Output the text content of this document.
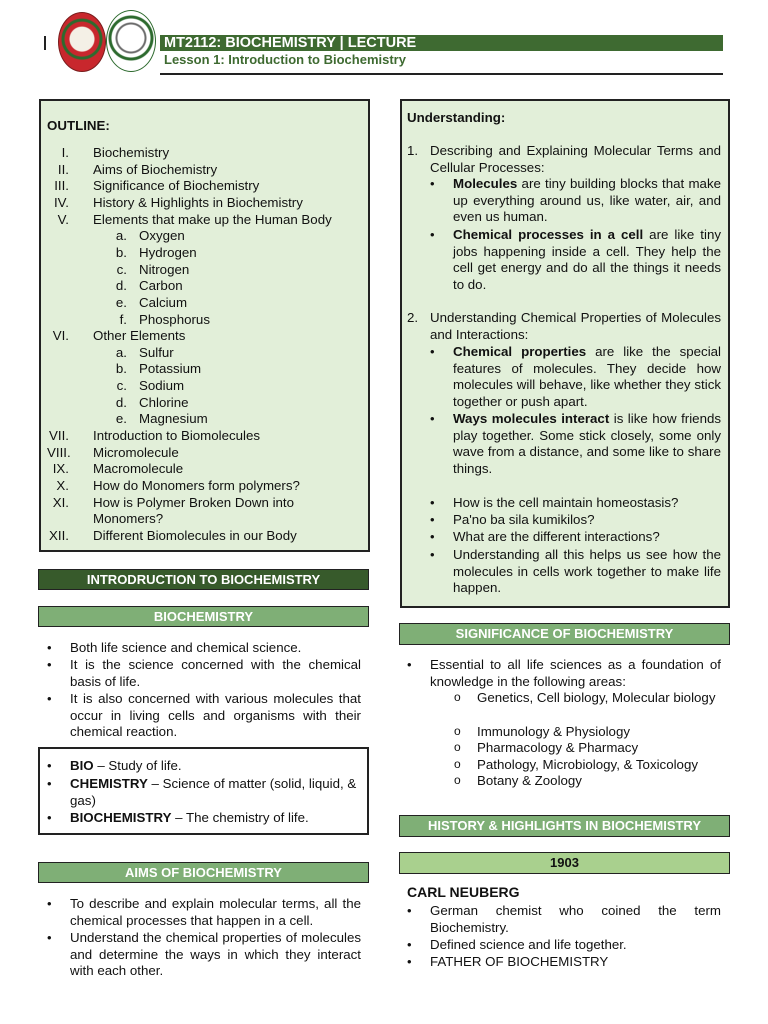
MT2112: BIOCHEMISTRY | LECTURE
Lesson 1: Introduction to Biochemistry
OUTLINE:
I. Biochemistry
II. Aims of Biochemistry
III. Significance of Biochemistry
IV. History & Highlights in Biochemistry
V. Elements that make up the Human Body
a. Oxygen
b. Hydrogen
c. Nitrogen
d. Carbon
e. Calcium
f. Phosphorus
VI. Other Elements
a. Sulfur
b. Potassium
c. Sodium
d. Chlorine
e. Magnesium
VII. Introduction to Biomolecules
VIII. Micromolecule
IX. Macromolecule
X. How do Monomers form polymers?
XI. How is Polymer Broken Down into
Monomers?
XII. Different Biomolecules in our Body
INTRODRUCTION TO BIOCHEMISTRY
BIOCHEMISTRY
• Both life science and chemical science.
• It is the science concerned with the chemical basis of life.
• It is also concerned with various molecules that occur in living cells and organisms with their chemical reaction.
• BIO – Study of life.
• CHEMISTRY – Science of matter (solid, liquid, & gas)
• BIOCHEMISTRY – The chemistry of life.
AIMS OF BIOCHEMISTRY
• To describe and explain molecular terms, all the chemical processes that happen in a cell.
• Understand the chemical properties of molecules and determine the ways in which they interact with each other.
Understanding:
1. Describing and Explaining Molecular Terms and Cellular Processes:
• Molecules are tiny building blocks that make up everything around us, like water, air, and even us human.
• Chemical processes in a cell are like tiny jobs happening inside a cell. They help the cell get energy and do all the things it needs to do.
2. Understanding Chemical Properties of Molecules and Interactions:
• Chemical properties are like the special features of molecules. They decide how molecules will behave, like whether they stick together or push apart.
• Ways molecules interact is like how friends play together. Some stick closely, some only wave from a distance, and some like to share things.
• How is the cell maintain homeostasis?
• Pa'no ba sila kumikilos?
• What are the different interactions?
• Understanding all this helps us see how the molecules in cells work together to make life happen.
SIGNIFICANCE OF BIOCHEMISTRY
• Essential to all life sciences as a foundation of knowledge in the following areas:
o Genetics, Cell biology, Molecular biology
o Immunology & Physiology
o Pharmacology & Pharmacy
o Pathology, Microbiology, & Toxicology
o Botany & Zoology
HISTORY & HIGHLIGHTS IN BIOCHEMISTRY
1903
CARL NEUBERG
• German chemist who coined the term Biochemistry.
• Defined science and life together.
• FATHER OF BIOCHEMISTRY
